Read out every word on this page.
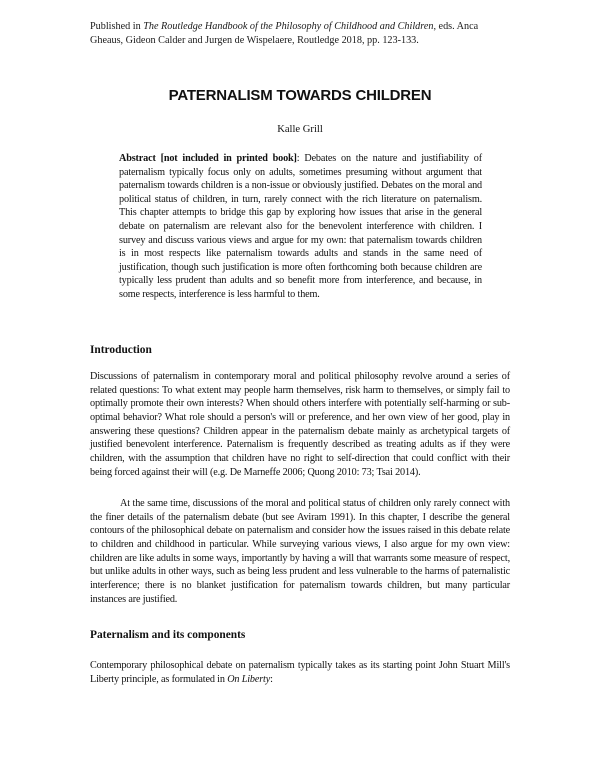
Published in The Routledge Handbook of the Philosophy of Childhood and Children, eds. Anca Gheaus, Gideon Calder and Jurgen de Wispelaere, Routledge 2018, pp. 123-133.
PATERNALISM TOWARDS CHILDREN
Kalle Grill
Abstract [not included in printed book]: Debates on the nature and justifiability of paternalism typically focus only on adults, sometimes presuming without argument that paternalism towards children is a non-issue or obviously justified. Debates on the moral and political status of children, in turn, rarely connect with the rich literature on paternalism. This chapter attempts to bridge this gap by exploring how issues that arise in the general debate on paternalism are relevant also for the benevolent interference with children. I survey and discuss various views and argue for my own: that paternalism towards children is in most respects like paternalism towards adults and stands in the same need of justification, though such justification is more often forthcoming both because children are typically less prudent than adults and so benefit more from interference, and because, in some respects, interference is less harmful to them.
Introduction

Discussions of paternalism in contemporary moral and political philosophy revolve around a series of related questions: To what extent may people harm themselves, risk harm to themselves, or simply fail to optimally promote their own interests? When should others interfere with potentially self-harming or sub-optimal behavior? What role should a person's will or preference, and her own view of her good, play in answering these questions? Children appear in the paternalism debate mainly as archetypical targets of justified benevolent interference. Paternalism is frequently described as treating adults as if they were children, with the assumption that children have no right to self-direction that could conflict with their being forced against their will (e.g. De Marneffe 2006; Quong 2010: 73; Tsai 2014).

At the same time, discussions of the moral and political status of children only rarely connect with the finer details of the paternalism debate (but see Aviram 1991). In this chapter, I describe the general contours of the philosophical debate on paternalism and consider how the issues raised in this debate relate to children and childhood in particular. While surveying various views, I also argue for my own view: children are like adults in some ways, importantly by having a will that warrants some measure of respect, but unlike adults in other ways, such as being less prudent and less vulnerable to the harms of paternalistic interference; there is no blanket justification for paternalism towards children, but many particular instances are justified.

Paternalism and its components

Contemporary philosophical debate on paternalism typically takes as its starting point John Stuart Mill's Liberty principle, as formulated in On Liberty:
